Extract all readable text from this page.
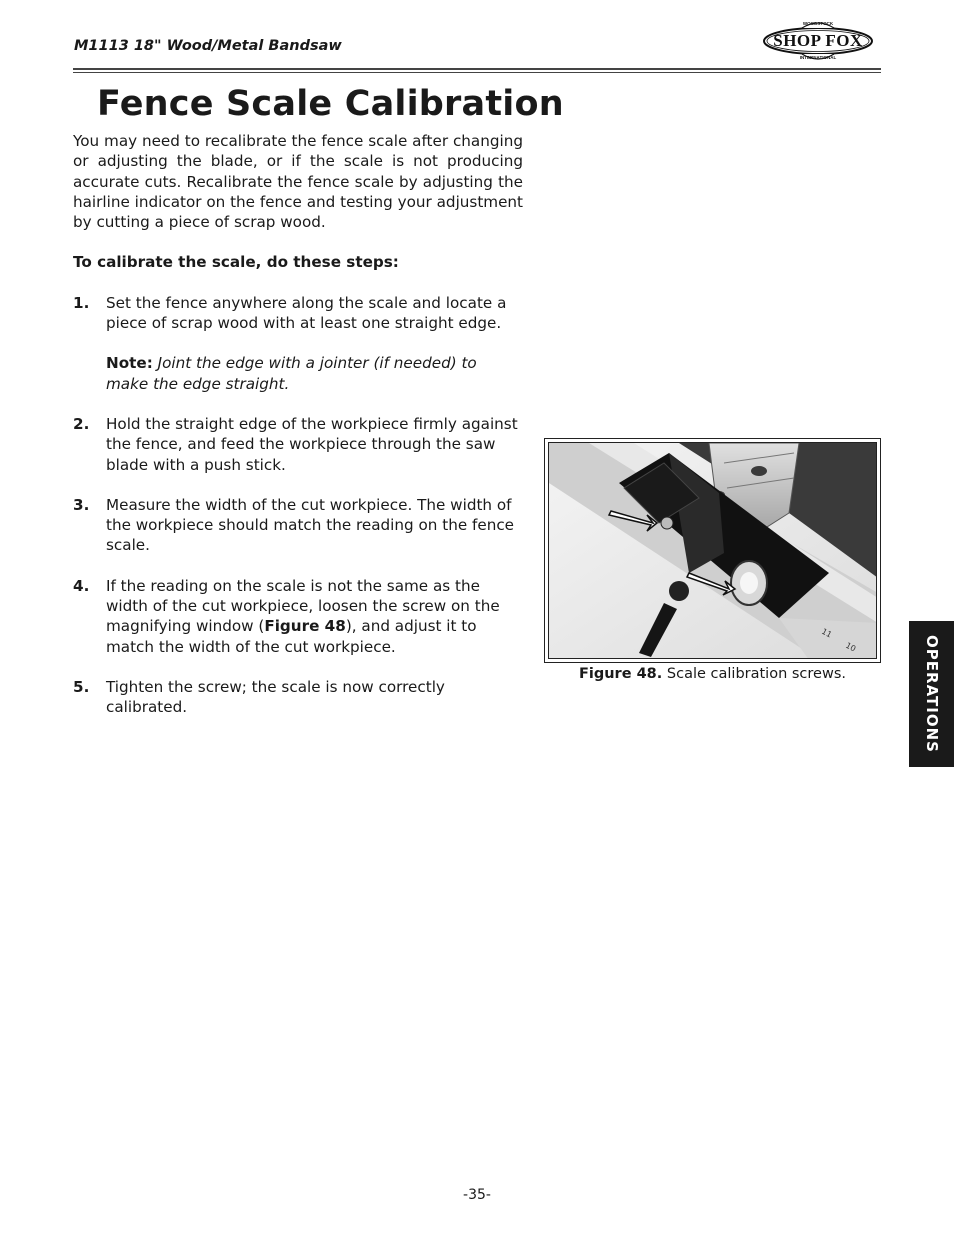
M1113 18" Wood/Metal Bandsaw
WOODSTOCK
SHOP FOX
INTERNATIONAL
Fence Scale Calibration

You may need to recalibrate the fence scale after changing or adjusting the blade, or if the scale is not producing accurate cuts. Recalibrate the fence scale by adjusting the hairline indicator on the fence and testing your adjustment by cutting a piece of scrap wood.

To calibrate the scale, do these steps:

1. Set the fence anywhere along the scale and locate a piece of scrap wood with at least one straight edge.
Note: Joint the edge with a jointer (if needed) to make the edge straight.
2. Hold the straight edge of the workpiece firmly against the fence, and feed the workpiece through the saw blade with a push stick.
3. Measure the width of the cut workpiece. The width of the workpiece should match the reading on the fence scale.
4. If the reading on the scale is not the same as the width of the cut workpiece, loosen the screw on the magnifying window (Figure 48), and adjust it to match the width of the cut workpiece.
5. Tighten the screw; the scale is now correctly calibrated.
11
10
Figure 48. Scale calibration screws.	OPERATIONS
-35-
